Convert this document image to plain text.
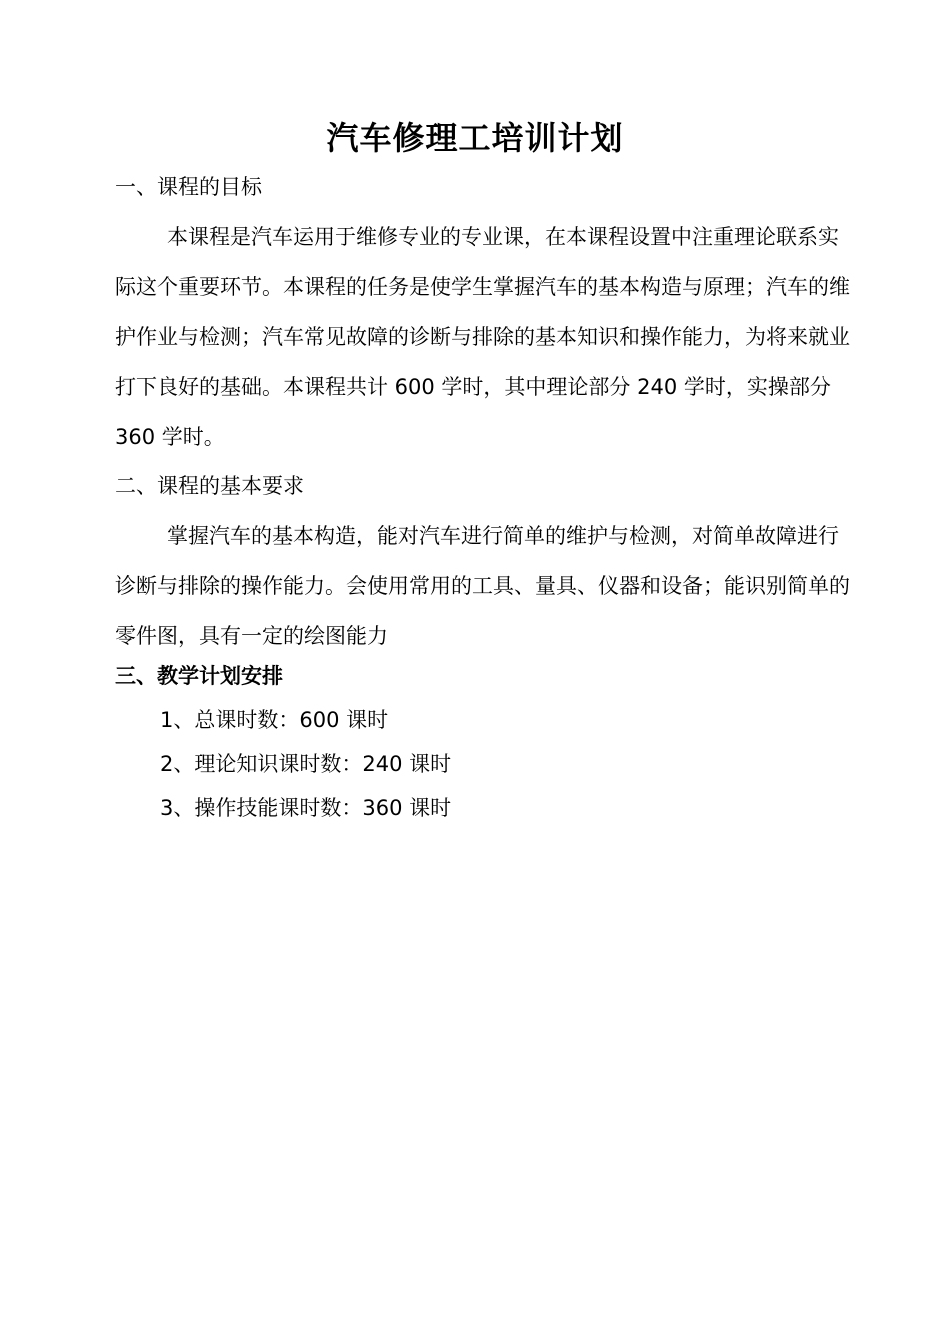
汽车修理工培训计划

一、课程的目标

本课程是汽车运用于维修专业的专业课，在本课程设置中注重理论联系实际这个重要环节。本课程的任务是使学生掌握汽车的基本构造与原理；汽车的维护作业与检测；汽车常见故障的诊断与排除的基本知识和操作能力，为将来就业打下良好的基础。本课程共计 600 学时，其中理论部分 240 学时，实操部分 360 学时。

二、课程的基本要求

掌握汽车的基本构造，能对汽车进行简单的维护与检测，对简单故障进行诊断与排除的操作能力。会使用常用的工具、量具、仪器和设备；能识别简单的零件图，具有一定的绘图能力

三、教学计划安排

1、总课时数：600 课时

2、理论知识课时数：240 课时

3、操作技能课时数：360 课时
